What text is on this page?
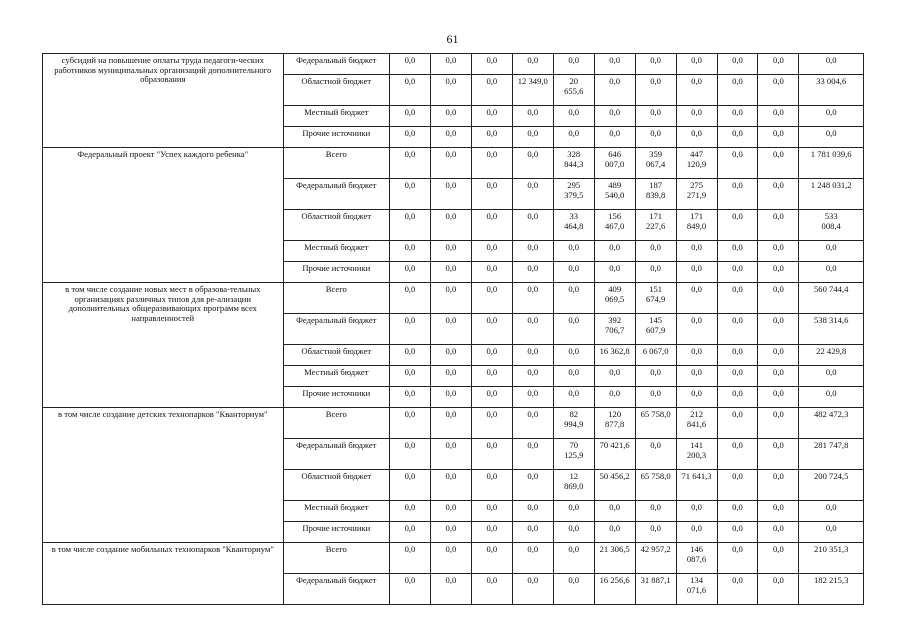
61
субсидий на повышение оплаты труда педагоги-ческих работников муниципальных организаций дополнительного образования	Федеральный бюджет	0,0	0,0	0,0	0,0	0,0	0,0	0,0	0,0	0,0	0,0	0,0
	Областной бюджет	0,0	0,0	0,0	12 349,0	20
655,6	0,0	0,0	0,0	0,0	0,0	33 004,6
	Местный бюджет	0,0	0,0	0,0	0,0	0,0	0,0	0,0	0,0	0,0	0,0	0,0
	Прочие источники	0,0	0,0	0,0	0,0	0,0	0,0	0,0	0,0	0,0	0,0	0,0
Федеральный проект "Успех каждого ребенка"	Всего	0,0	0,0	0,0	0,0	328
844,3	646
007,0	359
067,4	447
120,9	0,0	0,0	1 781 039,6
	Федеральный бюджет	0,0	0,0	0,0	0,0	295
379,5	489
540,0	187
839,8	275
271,9	0,0	0,0	1 248 031,2
	Областной бюджет	0,0	0,0	0,0	0,0	33
464,8	156
467,0	171
227,6	171
849,0	0,0	0,0	533
008,4
	Местный бюджет	0,0	0,0	0,0	0,0	0,0	0,0	0,0	0,0	0,0	0,0	0,0
	Прочие источники	0,0	0,0	0,0	0,0	0,0	0,0	0,0	0,0	0,0	0,0	0,0
в том числе создание новых мест в образова-тельных организациях различных типов для ре-ализации дополнительных общеразвивающих программ всех направленностей	Всего	0,0	0,0	0,0	0,0	0,0	409
069,5	151
674,9	0,0	0,0	0,0	560 744,4
	Федеральный бюджет	0,0	0,0	0,0	0,0	0,0	392
706,7	145
607,9	0,0	0,0	0,0	538 314,6
	Областной бюджет	0,0	0,0	0,0	0,0	0,0	16 362,8	6 067,0	0,0	0,0	0,0	22 429,8
	Местный бюджет	0,0	0,0	0,0	0,0	0,0	0,0	0,0	0,0	0,0	0,0	0,0
	Прочие источники	0,0	0,0	0,0	0,0	0,0	0,0	0,0	0,0	0,0	0,0	0,0
в том числе создание детских технопарков "Кванториум"	Всего	0,0	0,0	0,0	0,0	82
994,9	120
877,8	65 758,0	212
841,6	0,0	0,0	482 472,3
	Федеральный бюджет	0,0	0,0	0,0	0,0	70
125,9	70 421,6	0,0	141
200,3	0,0	0,0	281 747,8
	Областной бюджет	0,0	0,0	0,0	0,0	12
869,0	50 456,2	65 758,0	71 641,3	0,0	0,0	200 724,5
	Местный бюджет	0,0	0,0	0,0	0,0	0,0	0,0	0,0	0,0	0,0	0,0	0,0
	Прочие источники	0,0	0,0	0,0	0,0	0,0	0,0	0,0	0,0	0,0	0,0	0,0
в том числе создание мобильных технопарков "Кванториум"	Всего	0,0	0,0	0,0	0,0	0,0	21 306,5	42 957,2	146
087,6	0,0	0,0	210 351,3
	Федеральный бюджет	0,0	0,0	0,0	0,0	0,0	16 256,6	31 887,1	134
071,6	0,0	0,0	182 215,3
